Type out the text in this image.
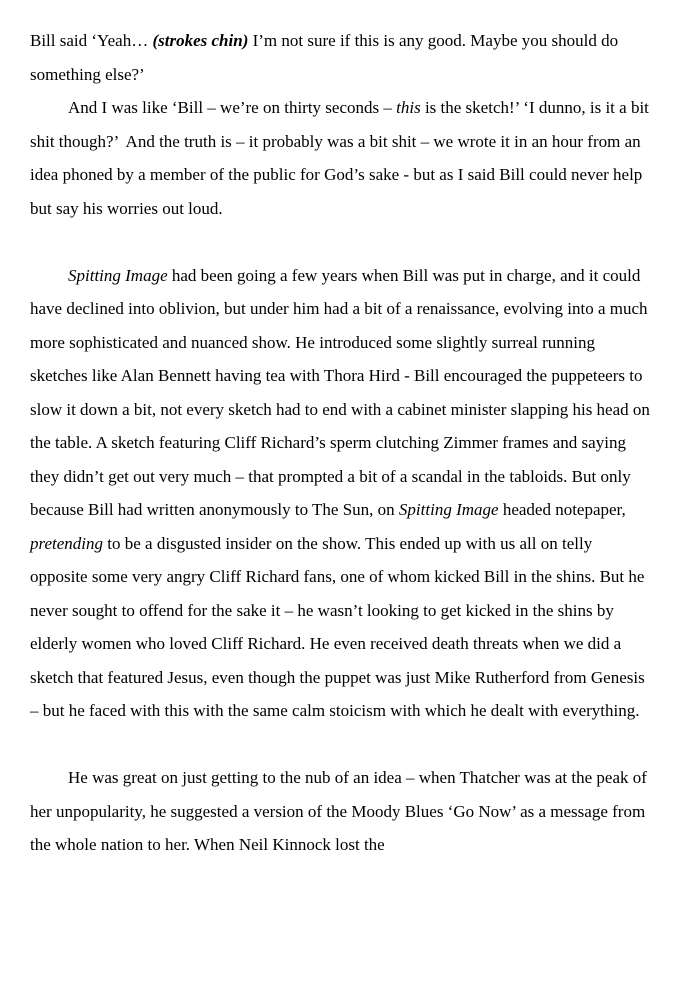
Bill said ‘Yeah… (strokes chin) I’m not sure if this is any good. Maybe you should do something else?’

And I was like ‘Bill – we’re on thirty seconds – this is the sketch!’ ‘I dunno, is it a bit shit though?’  And the truth is – it probably was a bit shit – we wrote it in an hour from an idea phoned by a member of the public for God’s sake - but as I said Bill could never help but say his worries out loud.

Spitting Image had been going a few years when Bill was put in charge, and it could have declined into oblivion, but under him had a bit of a renaissance, evolving into a much more sophisticated and nuanced show. He introduced some slightly surreal running sketches like Alan Bennett having tea with Thora Hird - Bill encouraged the puppeteers to slow it down a bit, not every sketch had to end with a cabinet minister slapping his head on the table. A sketch featuring Cliff Richard’s sperm clutching Zimmer frames and saying they didn’t get out very much – that prompted a bit of a scandal in the tabloids. But only because Bill had written anonymously to The Sun, on Spitting Image headed notepaper, pretending to be a disgusted insider on the show. This ended up with us all on telly opposite some very angry Cliff Richard fans, one of whom kicked Bill in the shins. But he never sought to offend for the sake it – he wasn’t looking to get kicked in the shins by elderly women who loved Cliff Richard. He even received death threats when we did a sketch that featured Jesus, even though the puppet was just Mike Rutherford from Genesis – but he faced with this with the same calm stoicism with which he dealt with everything.

He was great on just getting to the nub of an idea – when Thatcher was at the peak of her unpopularity, he suggested a version of the Moody Blues ‘Go Now’ as a message from the whole nation to her. When Neil Kinnock lost the
